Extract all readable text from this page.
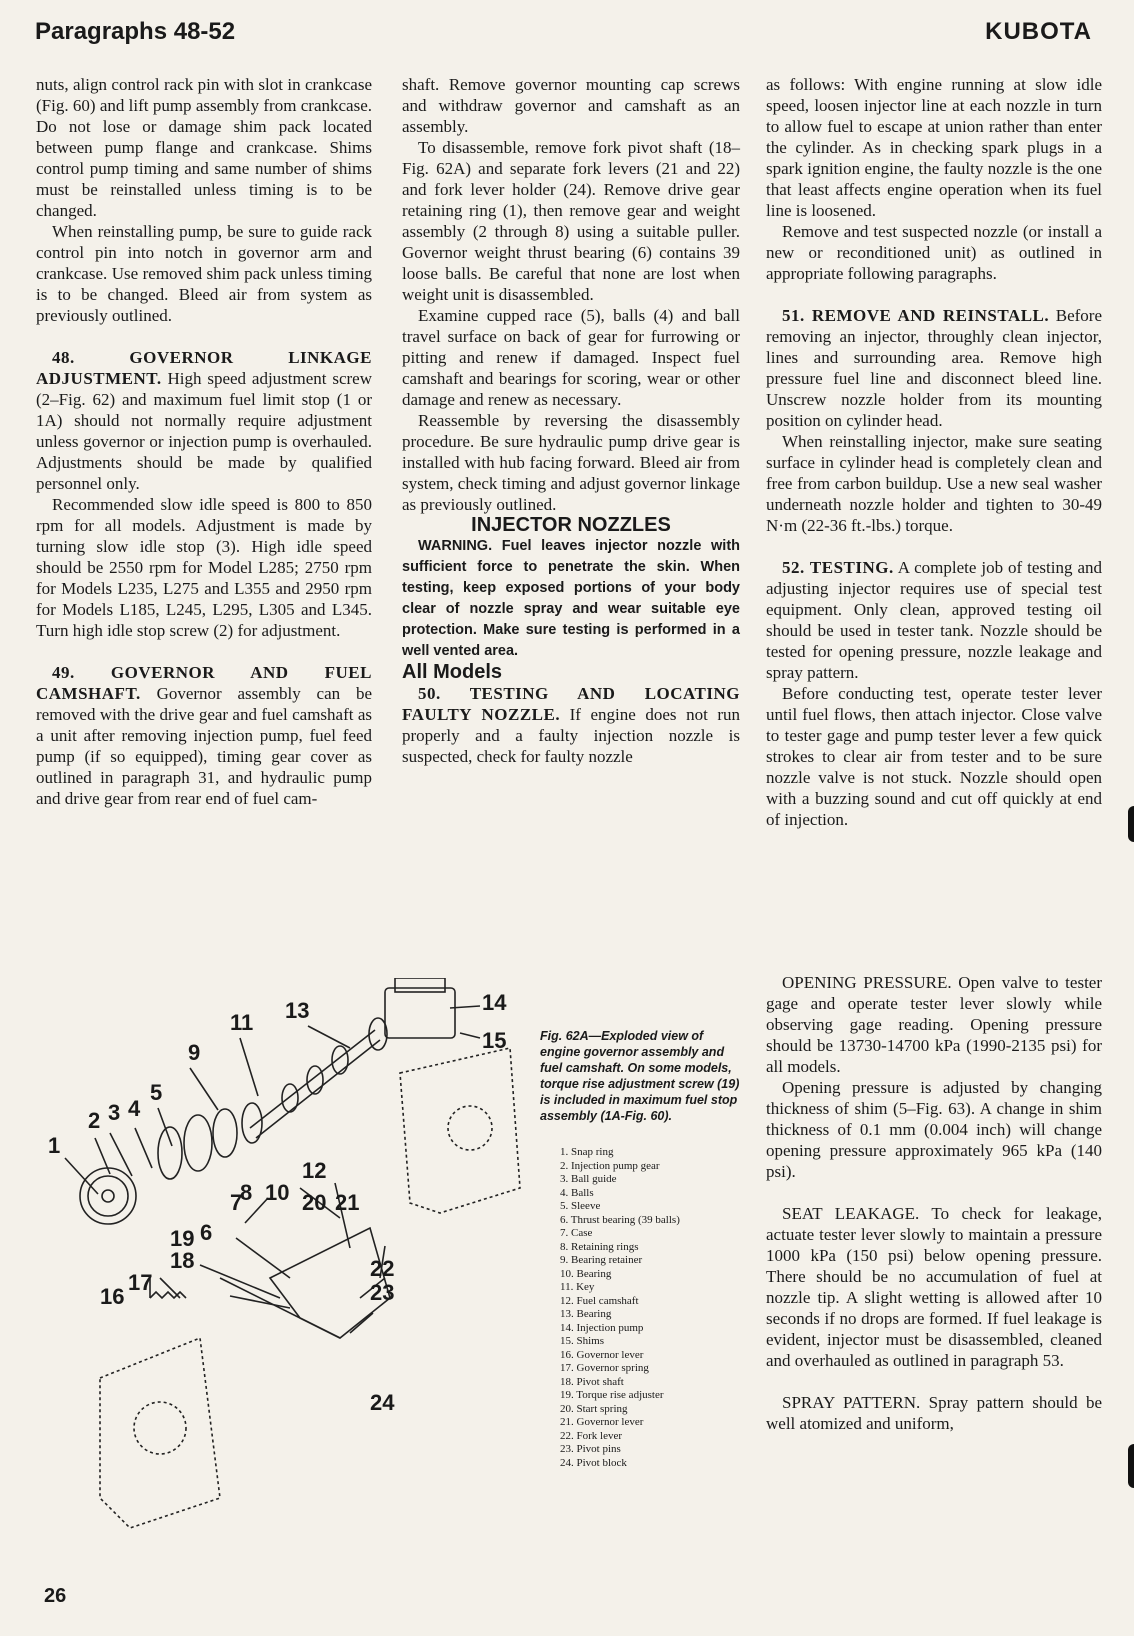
Paragraphs 48-52	KUBOTA

nuts, align control rack pin with slot in crankcase (Fig. 60) and lift pump assembly from crankcase. Do not lose or damage shim pack located between pump flange and crankcase. Shims control pump timing and same number of shims must be reinstalled unless timing is to be changed.

When reinstalling pump, be sure to guide rack control pin into notch in governor arm and crankcase. Use removed shim pack unless timing is to be changed. Bleed air from system as previously outlined.

48. GOVERNOR LINKAGE ADJUSTMENT. High speed adjustment screw (2–Fig. 62) and maximum fuel limit stop (1 or 1A) should not normally require adjustment unless governor or injection pump is overhauled. Adjustments should be made by qualified personnel only.

Recommended slow idle speed is 800 to 850 rpm for all models. Adjustment is made by turning slow idle stop (3). High idle speed should be 2550 rpm for Model L285; 2750 rpm for Models L235, L275 and L355 and 2950 rpm for Models L185, L245, L295, L305 and L345. Turn high idle stop screw (2) for adjustment.

49. GOVERNOR AND FUEL CAMSHAFT. Governor assembly can be removed with the drive gear and fuel camshaft as a unit after removing injection pump, fuel feed pump (if so equipped), timing gear cover as outlined in paragraph 31, and hydraulic pump and drive gear from rear end of fuel cam-

shaft. Remove governor mounting cap screws and withdraw governor and camshaft as an assembly.

To disassemble, remove fork pivot shaft (18–Fig. 62A) and separate fork levers (21 and 22) and fork lever holder (24). Remove drive gear retaining ring (1), then remove gear and weight assembly (2 through 8) using a suitable puller. Governor weight thrust bearing (6) contains 39 loose balls. Be careful that none are lost when weight unit is disassembled.

Examine cupped race (5), balls (4) and ball travel surface on back of gear for furrowing or pitting and renew if damaged. Inspect fuel camshaft and bearings for scoring, wear or other damage and renew as necessary.

Reassemble by reversing the disassembly procedure. Be sure hydraulic pump drive gear is installed with hub facing forward. Bleed air from system, check timing and adjust governor linkage as previously outlined.

INJECTOR NOZZLES

WARNING. Fuel leaves injector nozzle with sufficient force to penetrate the skin. When testing, keep exposed portions of your body clear of nozzle spray and wear suitable eye protection. Make sure testing is performed in a well vented area.

All Models

50. TESTING AND LOCATING FAULTY NOZZLE. If engine does not run properly and a faulty injection nozzle is suspected, check for faulty nozzle

as follows: With engine running at slow idle speed, loosen injector line at each nozzle in turn to allow fuel to escape at union rather than enter the cylinder. As in checking spark plugs in a spark ignition engine, the faulty nozzle is the one that least affects engine operation when its fuel line is loosened.

Remove and test suspected nozzle (or install a new or reconditioned unit) as outlined in appropriate following paragraphs.

51. REMOVE AND REINSTALL. Before removing an injector, throughly clean injector, lines and surrounding area. Remove high pressure fuel line and disconnect bleed line. Unscrew nozzle holder from its mounting position on cylinder head.

When reinstalling injector, make sure seating surface in cylinder head is completely clean and free from carbon buildup. Use a new seal washer underneath nozzle holder and tighten to 30-49 N·m (22-36 ft.-lbs.) torque.

52. TESTING. A complete job of testing and adjusting injector requires use of special test equipment. Only clean, approved testing oil should be used in tester tank. Nozzle should be tested for opening pressure, nozzle leakage and spray pattern.

Before conducting test, operate tester lever until fuel flows, then attach injector. Close valve to tester gage and pump tester lever a few quick strokes to clear air from tester and to be sure nozzle valve is not stuck. Nozzle should open with a buzzing sound and cut off quickly at end of injection.

OPENING PRESSURE. Open valve to tester gage and operate tester lever slowly while observing gage reading. Opening pressure should be 13730-14700 kPa (1990-2135 psi) for all models.

Opening pressure is adjusted by changing thickness of shim (5–Fig. 63). A change in shim thickness of 0.1 mm (0.004 inch) will change opening pressure approximately 965 kPa (140 psi).

SEAT LEAKAGE. To check for leakage, actuate tester lever slowly to maintain a pressure 1000 kPa (150 psi) below opening pressure. There should be no accumulation of fuel at nozzle tip. A slight wetting is allowed after 10 seconds if no drops are formed. If fuel leakage is evident, injector must be disassembled, cleaned and overhauled as outlined in paragraph 53.

SPRAY PATTERN. Spray pattern should be well atomized and uniform,

1
2 3 4
5
6
7
8
9
10
11
12
13	14
15
16
17
18
19
20 21
22
23
24
Fig. 62A—Exploded view of engine governor assembly and fuel camshaft. On some models, torque rise adjustment screw (19) is included in maximum fuel stop assembly (1A-Fig. 60).
1. Snap ring
2. Injection pump gear
3. Ball guide
4. Balls
5. Sleeve
6. Thrust bearing (39 balls)
7. Case
8. Retaining rings
9. Bearing retainer
10. Bearing
11. Key
12. Fuel camshaft
13. Bearing
14. Injection pump
15. Shims
16. Governor lever
17. Governor spring
18. Pivot shaft
19. Torque rise adjuster
20. Start spring
21. Governor lever
22. Fork lever
23. Pivot pins
24. Pivot block
26
